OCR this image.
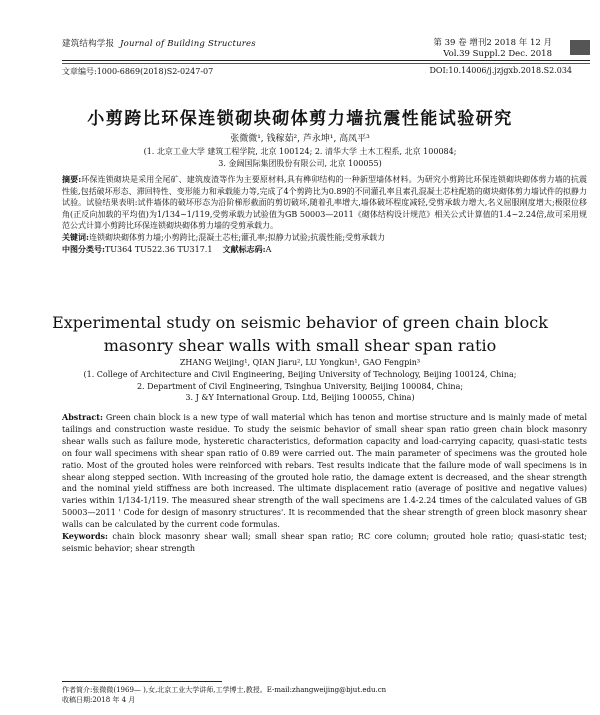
建筑结构学报 Journal of Building Structures	第 39 卷 增刊2 2018 年 12 月
Vol.39 Suppl.2 Dec. 2018
文章编号:1000-6869(2018)S2-0247-07	DOI:10.14006/j.jzjgxb.2018.S2.034
小剪跨比环保连锁砌块砌体剪力墙抗震性能试验研究
张微微¹, 钱稼茹², 芦永坤¹, 高凤平³
(1. 北京工业大学 建筑工程学院, 北京 100124; 2. 清华大学 土木工程系, 北京 100084;
3. 金阔国际集团股份有限公司, 北京 100055)
摘要:环保连锁砌块是采用全尾矿、建筑废渣等作为主要原材料,具有榫卯结构的一种新型墙体材料。为研究小剪跨比环保连锁砌块砌体剪力墙的抗震性能,包括破坏形态、滞回特性、变形能力和承载能力等,完成了4个剪跨比为0.89的不同灌孔率且素孔混凝土芯柱配筋的砌块砌体剪力墙试件的拟静力试验。试验结果表明:试件墙体的破坏形态为沿阶梯形截面的剪切破坏,随着孔率增大,墙体破坏程度减轻,受剪承载力增大,名义屈服刚度增大;极限位移角(正反向加载的平均值)为1/134~1/119,受剪承载力试验值为GB 50003—2011《砌体结构设计规范》相关公式计算值的1.4~2.24倍,故可采用规范公式计算小剪跨比环保连锁砌块砌体剪力墙的受剪承载力。
关键词:连锁砌块砌体剪力墙;小剪跨比;混凝土芯柱;灌孔率;拟静力试验;抗震性能;受剪承载力
中图分类号:TU364 TU522.36 TU317.1 文献标志码:A
Experimental study on seismic behavior of green chain block
masonry shear walls with small shear span ratio
ZHANG Weijing¹, QIAN Jiaru², LU Yongkun¹, GAO Fengpin³
(1. College of Architecture and Civil Engineering, Beijing University of Technology, Beijing 100124, China;
2. Department of Civil Engineering, Tsinghua University, Beijing 100084, China;
3. J &Y International Group. Ltd, Beijing 100055, China)
Abstract: Green chain block is a new type of wall material which has tenon and mortise structure and is mainly made of metal tailings and construction waste residue. To study the seismic behavior of small shear span ratio green chain block masonry shear walls such as failure mode, hysteretic characteristics, deformation capacity and load-carrying capacity, quasi-static tests on four wall specimens with shear span ratio of 0.89 were carried out. The main parameter of specimens was the grouted hole ratio. Most of the grouted holes were reinforced with rebars. Test results indicate that the failure mode of wall specimens is in shear along stepped section. With increasing of the grouted hole ratio, the damage extent is decreased, and the shear strength and the nominal yield stiffness are both increased. The ultimate displacement ratio (average of positive and negative values) varies within 1/134-1/119. The measured shear strength of the wall specimens are 1.4-2.24 times of the calculated values of GB 50003—2011 ' Code for design of masonry structures'. It is recommended that the shear strength of green block masonry shear walls can be calculated by the current code formulas.
Keywords: chain block masonry shear wall; small shear span ratio; RC core column; grouted hole ratio; quasi-static test; seismic behavior; shear strength
作者简介:张微微(1969— ),女,北京工业大学讲师,工学博士,教授。E-mail:zhangweijing@bjut.edu.cn
收稿日期:2018 年 4 月
